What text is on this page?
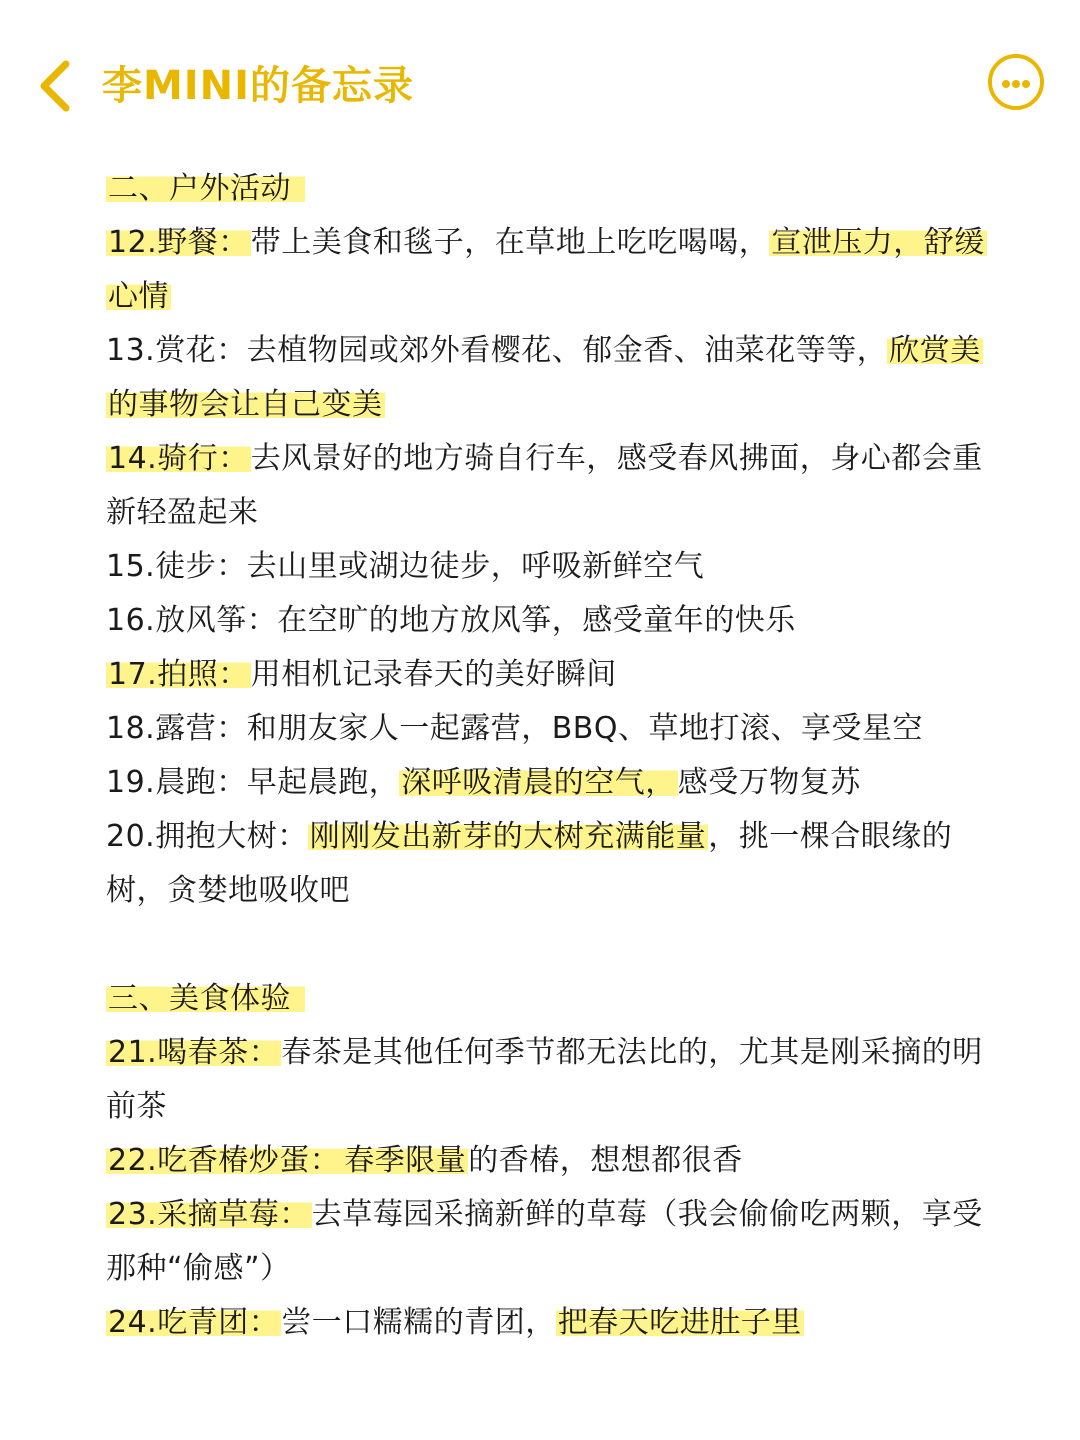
李MINI的备忘录
二、户外活动
12.野餐：带上美食和毯子，在草地上吃吃喝喝，宣泄压力，舒缓心情
13.赏花：去植物园或郊外看樱花、郁金香、油菜花等等，欣赏美的事物会让自己变美
14.骑行：去风景好的地方骑自行车，感受春风拂面，身心都会重新轻盈起来
15.徒步：去山里或湖边徒步，呼吸新鲜空气
16.放风筝：在空旷的地方放风筝，感受童年的快乐
17.拍照：用相机记录春天的美好瞬间
18.露营：和朋友家人一起露营，BBQ、草地打滚、享受星空
19.晨跑：早起晨跑，深呼吸清晨的空气，感受万物复苏
20.拥抱大树：刚刚发出新芽的大树充满能量，挑一棵合眼缘的树，贪婪地吸收吧
三、美食体验
21.喝春茶：春茶是其他任何季节都无法比的，尤其是刚采摘的明前茶
22.吃香椿炒蛋： 春季限量的香椿，想想都很香
23.采摘草莓：去草莓园采摘新鲜的草莓（我会偷偷吃两颗，享受那种“偷感”）
24.吃青团：尝一口糯糯的青团，把春天吃进肚子里
